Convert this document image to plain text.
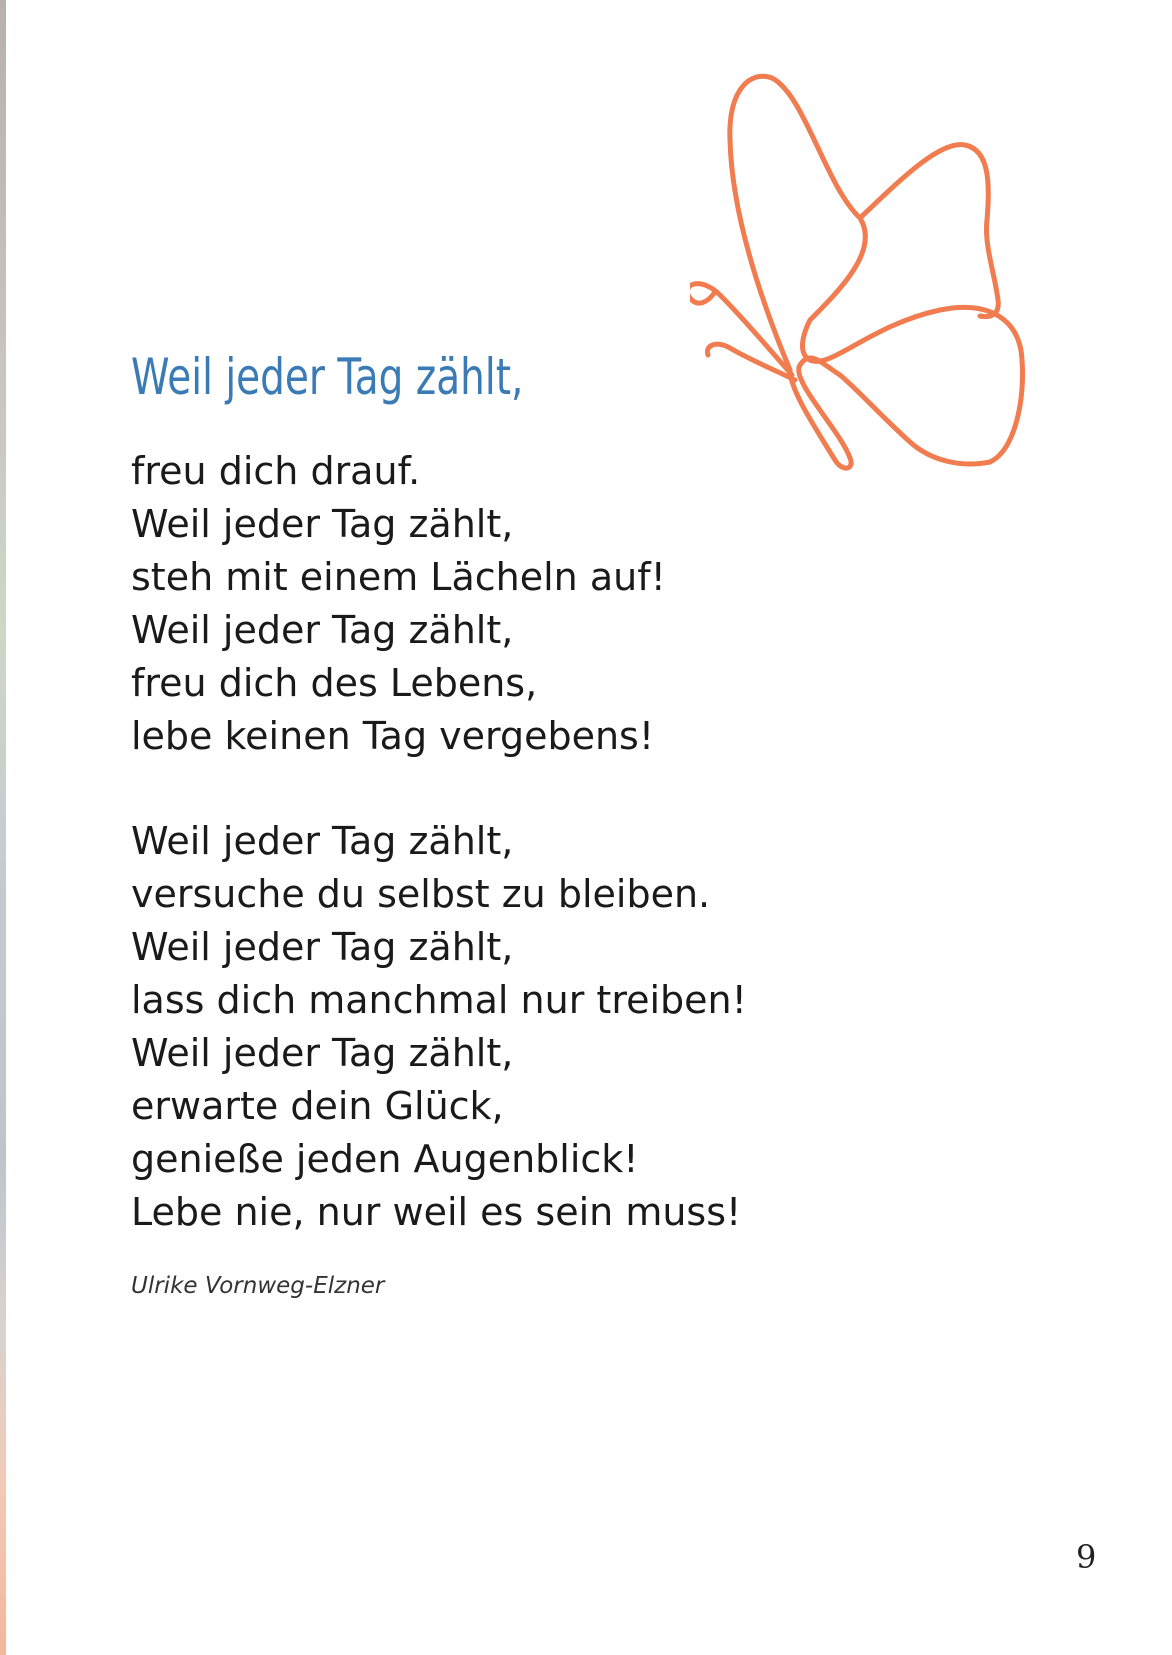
Weil jeder Tag zählt,
freu dich drauf.
Weil jeder Tag zählt,
steh mit einem Lächeln auf!
Weil jeder Tag zählt,
freu dich des Lebens,
lebe keinen Tag vergebens!
Weil jeder Tag zählt,
versuche du selbst zu bleiben.
Weil jeder Tag zählt,
lass dich manchmal nur treiben!
Weil jeder Tag zählt,
erwarte dein Glück,
genieße jeden Augenblick!
Lebe nie, nur weil es sein muss!
Ulrike Vornweg-Elzner
9
